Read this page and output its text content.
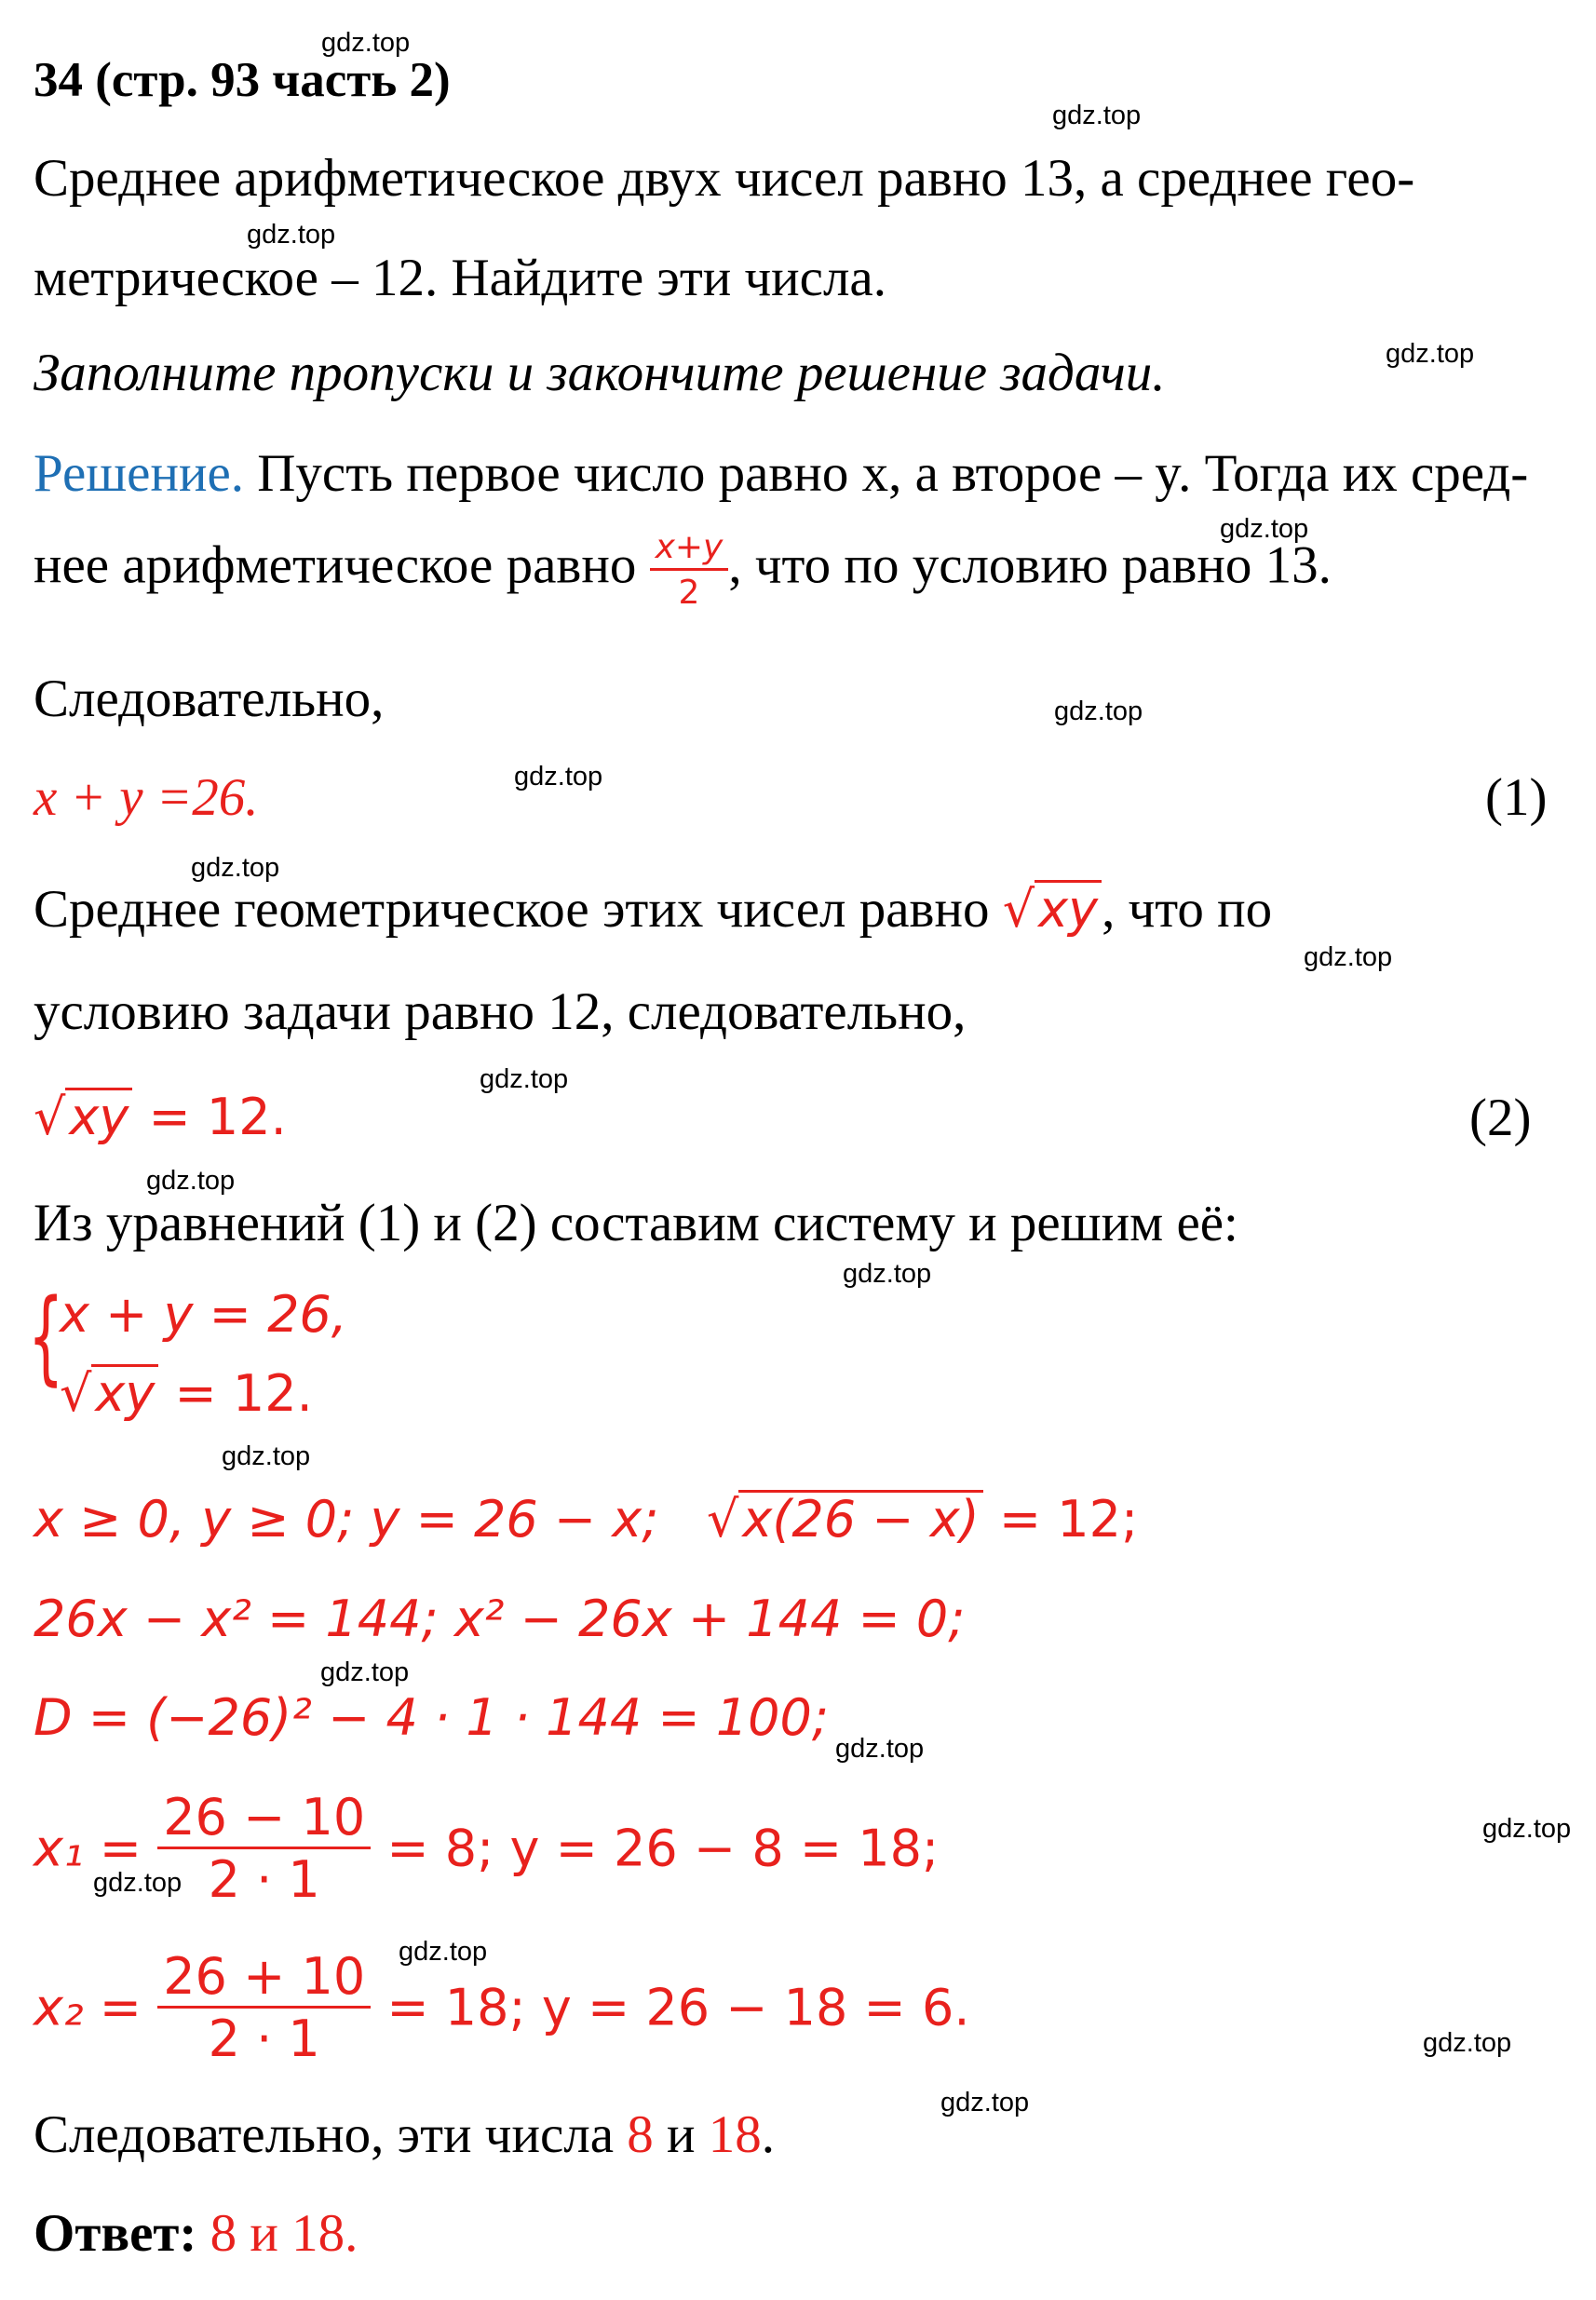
34 (стр. 93 часть 2)
Среднее арифметическое двух чисел равно 13, а среднее гео-
метрическое – 12. Найдите эти числа.
Заполните пропуски и закончите решение задачи.
Решение. Пусть первое число равно x, а второе – y. Тогда их сред-
нее арифметическое равно $\frac{x+y}{2}$ , что по условию равно 13.
Следовательно,
x + y =26.	(1)
Среднее геометрическое этих чисел равно √xy, что по
условию задачи равно 12, следовательно,
√xy = 12.	(2)
Из уравнений (1) и (2) составим систему и решим её:
{
x + y = 26,
√xy = 12.
x ≥ 0, y ≥ 0; y = 26 − x; √x(26 − x) = 12;
26x − x² = 144; x² − 26x + 144 = 0;
D = (−26)² − 4 · 1 · 144 = 100;
$x_1 = \frac{26 - 10}{2 \cdot 1} = 8$; y = 26 − 8 = 18;
$x_2 = \frac{26 + 10}{2 \cdot 1} = 18$; y = 26 − 18 = 6.
Следовательно, эти числа 8 и 18.
Ответ: 8 и 18.
gdz.top
gdz.top
gdz.top
gdz.top
gdz.top
gdz.top
gdz.top
gdz.top
gdz.top
gdz.top
gdz.top
gdz.top
gdz.top
gdz.top
gdz.top
gdz.top
gdz.top
gdz.top
gdz.top
gdz.top
